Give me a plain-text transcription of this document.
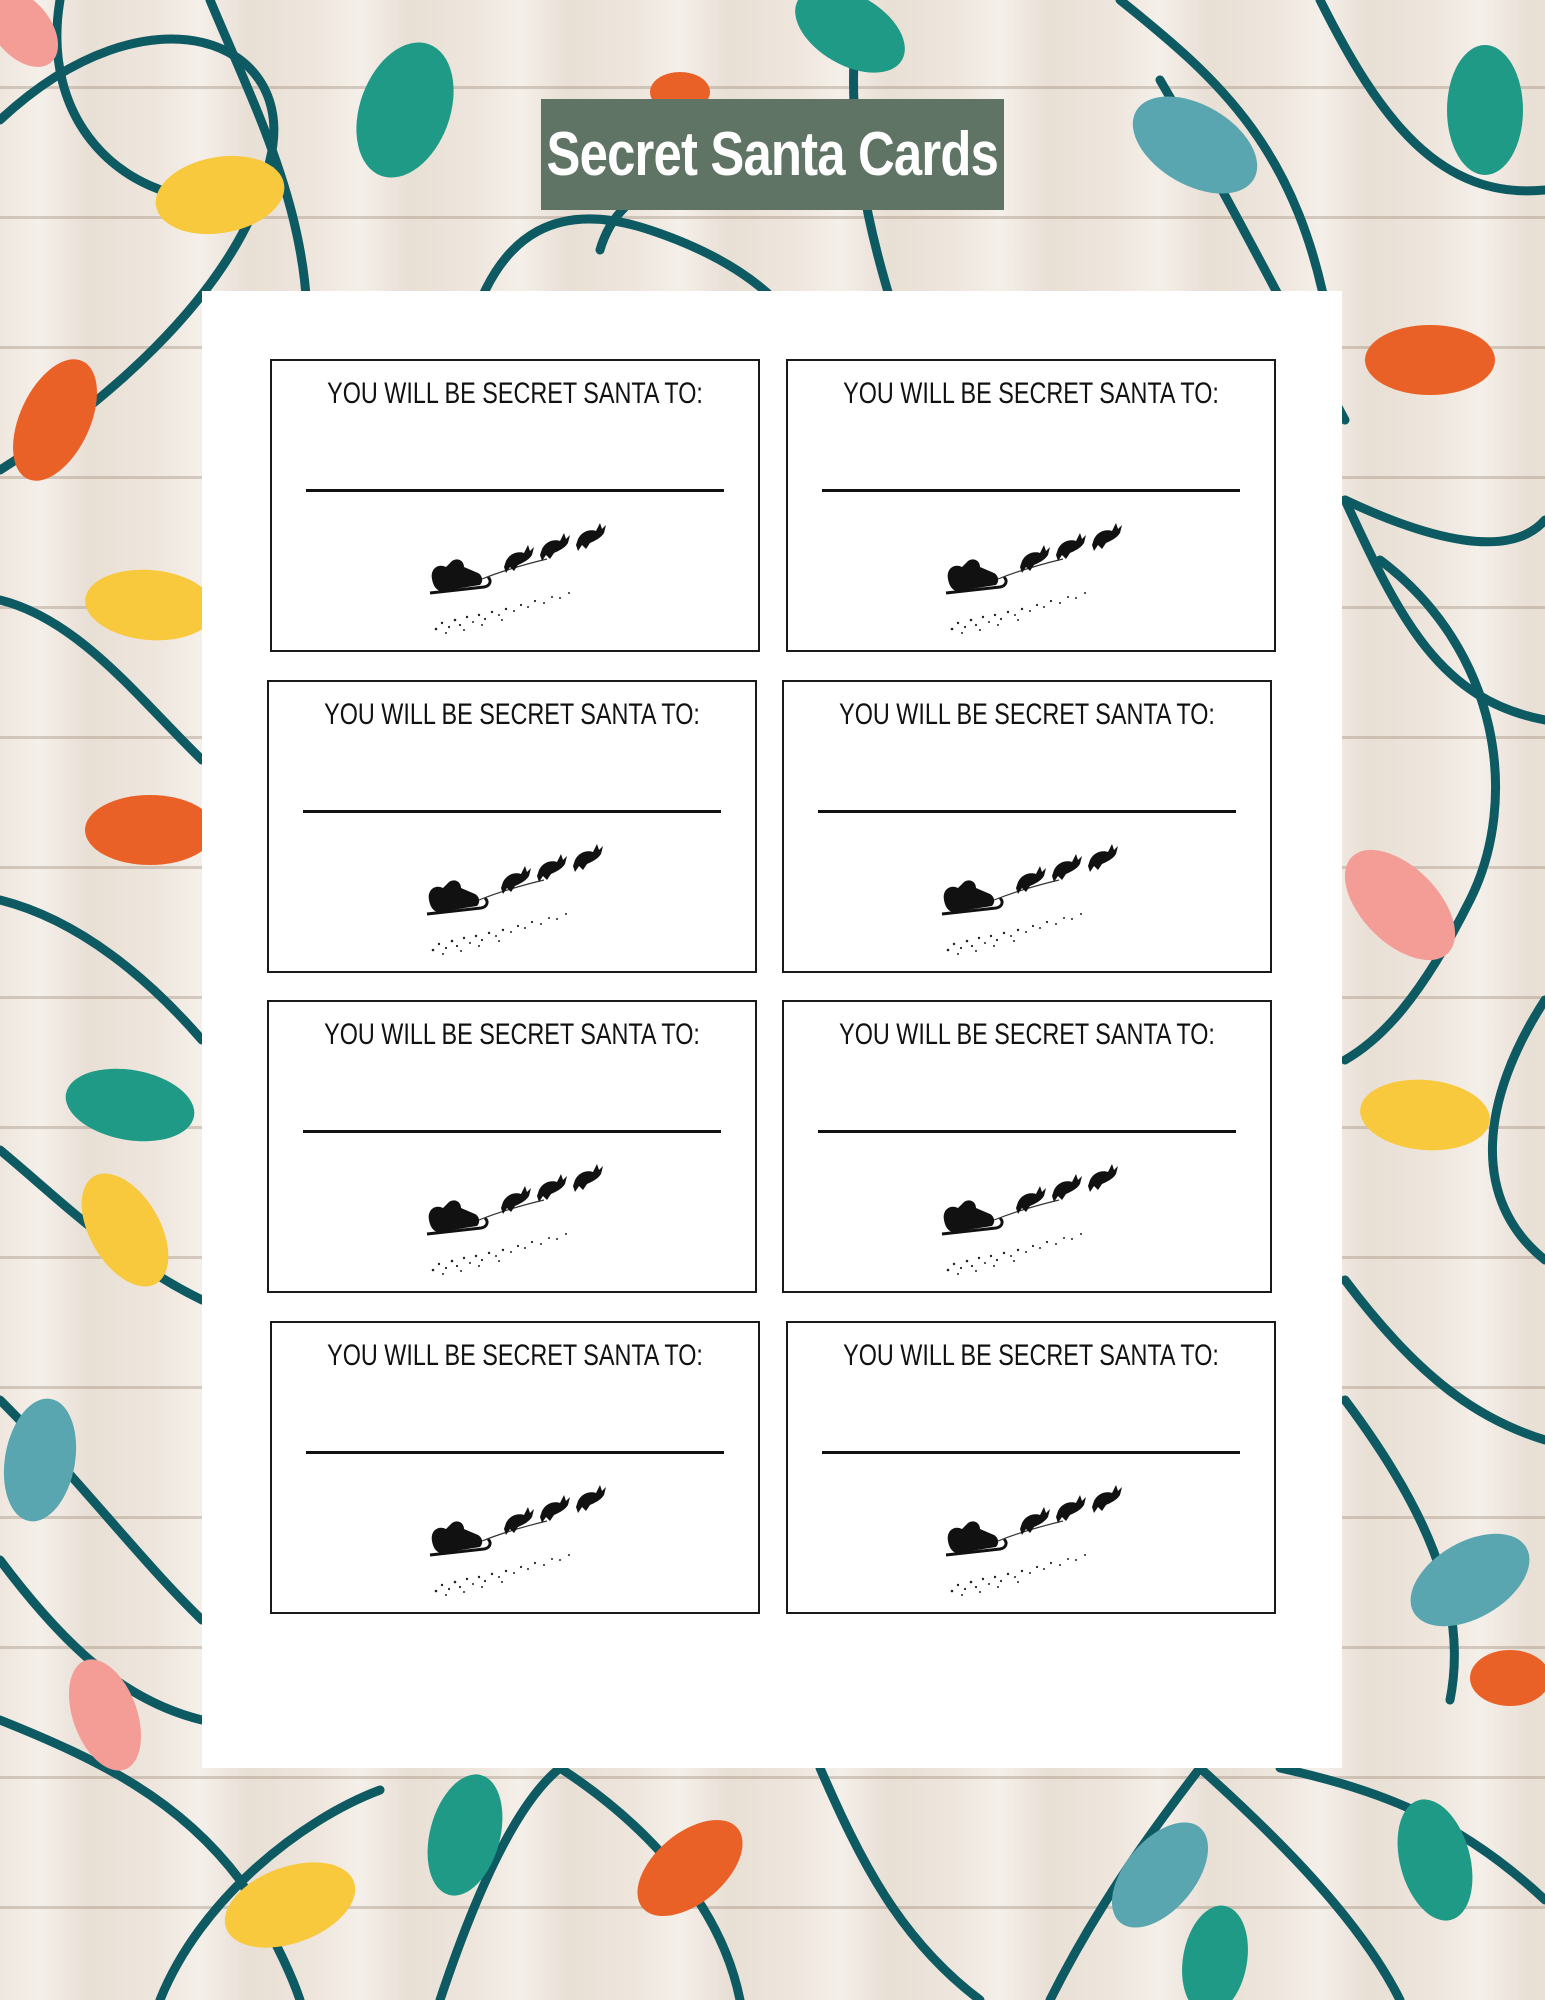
Secret Santa Cards
YOU WILL BE SECRET SANTA TO:	YOU WILL BE SECRET SANTA TO:
YOU WILL BE SECRET SANTA TO:	YOU WILL BE SECRET SANTA TO:
YOU WILL BE SECRET SANTA TO:	YOU WILL BE SECRET SANTA TO:
YOU WILL BE SECRET SANTA TO:	YOU WILL BE SECRET SANTA TO:
